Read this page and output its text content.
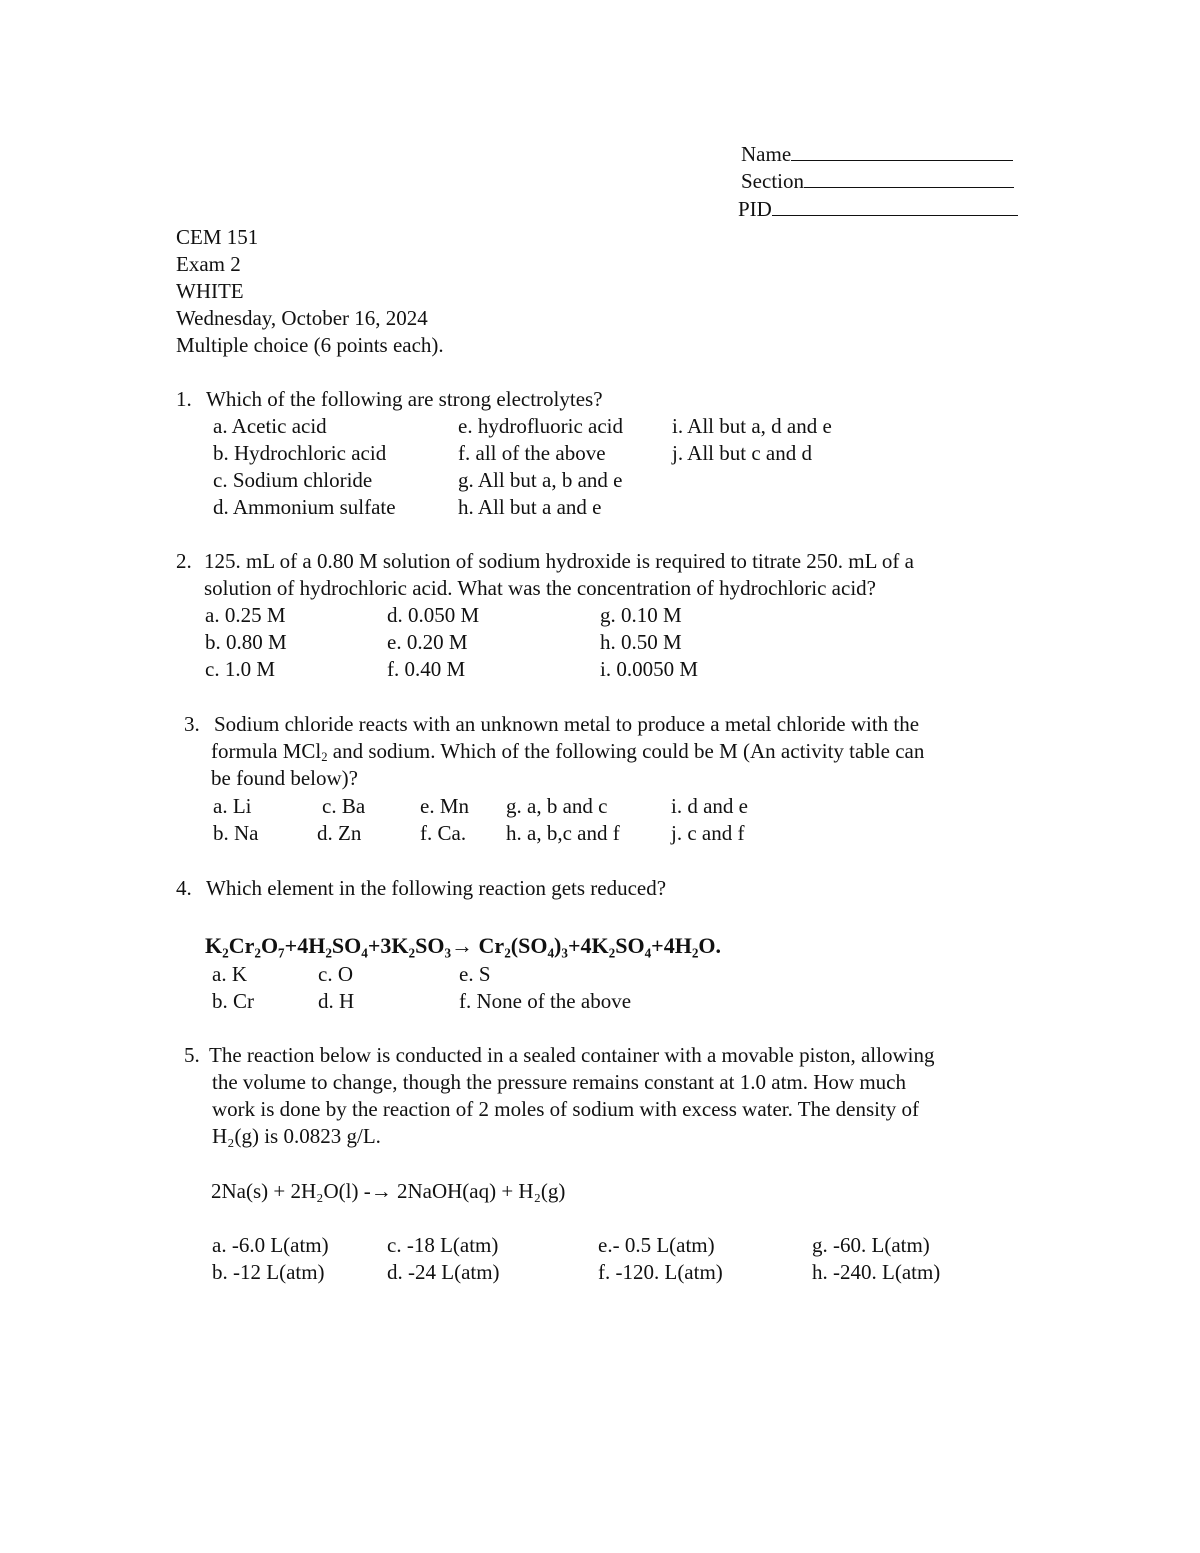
Name
Section
PID
CEM 151
Exam 2
WHITE
Wednesday, October 16, 2024
Multiple choice (6 points each).
1. Which of the following are strong electrolytes?
a. Acetic acid
b. Hydrochloric acid
c. Sodium chloride
d. Ammonium sulfate
e. hydrofluoric acid
f. all of the above
g. All but a, b and e
h. All but a and e
i. All but a, d and e
j. All but c and d
2. 125. mL of a 0.80 M solution of sodium hydroxide is required to titrate 250. mL of a
solution of hydrochloric acid. What was the concentration of hydrochloric acid?
a. 0.25 M
b. 0.80 M
c. 1.0 M
d. 0.050 M
e. 0.20 M
f. 0.40 M
g. 0.10 M
h. 0.50 M
i. 0.0050 M
3. Sodium chloride reacts with an unknown metal to produce a metal chloride with the
formula MCl$_2$ and sodium. Which of the following could be M (An activity table can
be found below)?
a. Li
b. Na
c. Ba
d. Zn
e. Mn
f. Ca.
g. a, b and c
h. a, b,c and f
i. d and e
j. c and f
4. Which element in the following reaction gets reduced?
K₂Cr₂O₇+4H₂SO₄+3K₂SO₃→ Cr₂(SO₄)₃+4K₂SO₄+4H₂O.
a. K
b. Cr
c. O
d. H
e. S
f. None of the above
5. The reaction below is conducted in a sealed container with a movable piston, allowing
the volume to change, though the pressure remains constant at 1.0 atm. How much
work is done by the reaction of 2 moles of sodium with excess water. The density of
H₂(g) is 0.0823 g/L.
2Na(s) + 2H₂O(l) -→ 2NaOH(aq) + H₂(g)
a. -6.0 L(atm)
b. -12 L(atm)
c. -18 L(atm)
d. -24 L(atm)
e.- 0.5 L(atm)
f. -120. L(atm)
g. -60. L(atm)
h. -240. L(atm)
